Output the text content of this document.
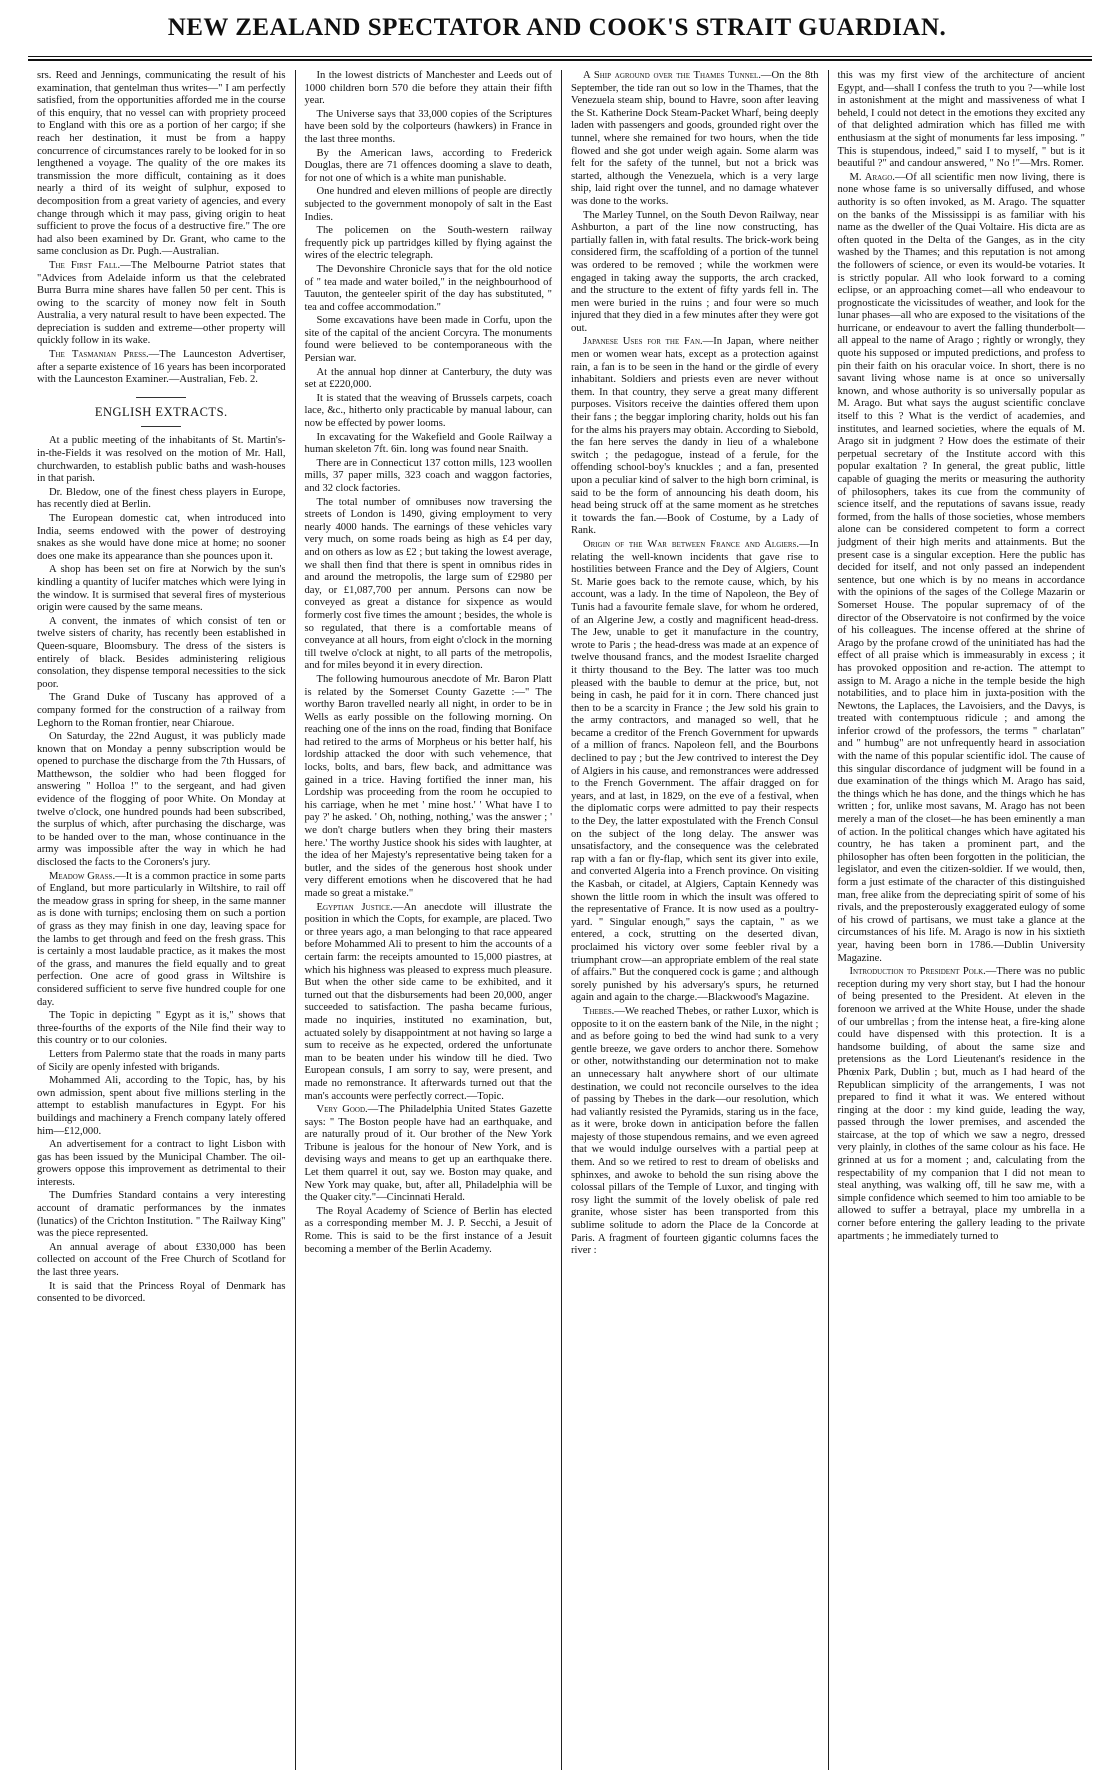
NEW ZEALAND SPECTATOR AND COOK'S STRAIT GUARDIAN.

srs. Reed and Jennings, communicating the result of his examination, that gentelman thus writes—" I am perfectly satisfied, from the opportunities afforded me in the course of this enquiry, that no vessel can with propriety proceed to England with this ore as a portion of her cargo; if she reach her destination, it must be from a happy concurrence of circumstances rarely to be looked for in so lengthened a voyage. The quality of the ore makes its transmission the more difficult, containing as it does nearly a third of its weight of sulphur, exposed to decomposition from a great variety of agencies, and every change through which it may pass, giving origin to heat sufficient to prove the focus of a destructive fire." The ore had also been examined by Dr. Grant, who came to the same conclusion as Dr. Pugh.—Australian.

The First Fall.—The Melbourne Patriot states that "Advices from Adelaide inform us that the celebrated Burra Burra mine shares have fallen 50 per cent. This is owing to the scarcity of money now felt in South Australia, a very natural result to have been expected. The depreciation is sudden and extreme—other property will quickly follow in its wake.

The Tasmanian Press.—The Launceston Advertiser, after a separte existence of 16 years has been incorporated with the Launceston Examiner.—Australian, Feb. 2.

ENGLISH EXTRACTS.

At a public meeting of the inhabitants of St. Martin's-in-the-Fields it was resolved on the motion of Mr. Hall, churchwarden, to establish public baths and wash-houses in that parish.

Dr. Bledow, one of the finest chess players in Europe, has recently died at Berlin.

The European domestic cat, when introduced into India, seems endowed with the power of destroying snakes as she would have done mice at home; no sooner does one make its appearance than she pounces upon it.

A shop has been set on fire at Norwich by the sun's kindling a quantity of lucifer matches which were lying in the window. It is surmised that several fires of mysterious origin were caused by the same means.

A convent, the inmates of which consist of ten or twelve sisters of charity, has recently been established in Queen-square, Bloomsbury. The dress of the sisters is entirely of black. Besides administering religious consolation, they dispense temporal necessities to the sick poor.

The Grand Duke of Tuscany has approved of a company formed for the construction of a railway from Leghorn to the Roman frontier, near Chiaroue.

On Saturday, the 22nd August, it was publicly made known that on Monday a penny subscription would be opened to purchase the discharge from the 7th Hussars, of Matthewson, the soldier who had been flogged for answering " Holloa !" to the sergeant, and had given evidence of the flogging of poor White. On Monday at twelve o'clock, one hundred pounds had been subscribed, the surplus of which, after purchasing the discharge, was to be handed over to the man, whose continuance in the army was impossible after the way in which he had disclosed the facts to the Coroners's jury.

Meadow Grass.—It is a common practice in some parts of England, but more particularly in Wiltshire, to rail off the meadow grass in spring for sheep, in the same manner as is done with turnips; enclosing them on such a portion of grass as they may finish in one day, leaving space for the lambs to get through and feed on the fresh grass. This is certainly a most laudable practice, as it makes the most of the grass, and manures the field equally and to great perfection. One acre of good grass in Wiltshire is considered sufficient to serve five hundred couple for one day.

The Topic in depicting " Egypt as it is," shows that three-fourths of the exports of the Nile find their way to this country or to our colonies.

Letters from Palermo state that the roads in many parts of Sicily are openly infested with brigands.

Mohammed Ali, according to the Topic, has, by his own admission, spent about five millions sterling in the attempt to establish manufactures in Egypt. For his buildings and machinery a French company lately offered him—£12,000.

An advertisement for a contract to light Lisbon with gas has been issued by the Municipal Chamber. The oil-growers oppose this improvement as detrimental to their interests.

The Dumfries Standard contains a very interesting account of dramatic performances by the inmates (lunatics) of the Crichton Institution. " The Railway King" was the piece represented.

An annual average of about £330,000 has been collected on account of the Free Church of Scotland for the last three years.

It is said that the Princess Royal of Denmark has consented to be divorced.

In the lowest districts of Manchester and Leeds out of 1000 children born 570 die before they attain their fifth year.

The Universe says that 33,000 copies of the Scriptures have been sold by the colporteurs (hawkers) in France in the last three months.

By the American laws, according to Frederick Douglas, there are 71 offences dooming a slave to death, for not one of which is a white man punishable.

One hundred and eleven millions of people are directly subjected to the government monopoly of salt in the East Indies.

The policemen on the South-western railway frequently pick up partridges killed by flying against the wires of the electric telegraph.

The Devonshire Chronicle says that for the old notice of " tea made and water boiled," in the neighbourhood of Tauuton, the genteeler spirit of the day has substituted, " tea and coffee accommodation."

Some excavations have been made in Corfu, upon the site of the capital of the ancient Corcyra. The monuments found were believed to be contemporaneous with the Persian war.

At the annual hop dinner at Canterbury, the duty was set at £220,000.

It is stated that the weaving of Brussels carpets, coach lace, &c., hitherto only practicable by manual labour, can now be effected by power looms.

In excavating for the Wakefield and Goole Railway a human skeleton 7ft. 6in. long was found near Snaith.

There are in Connecticut 137 cotton mills, 123 woollen mills, 37 paper mills, 323 coach and waggon factories, and 32 clock factories.

The total number of omnibuses now traversing the streets of London is 1490, giving employment to very nearly 4000 hands. The earnings of these vehicles vary very much, on some roads being as high as £4 per day, and on others as low as £2 ; but taking the lowest average, we shall then find that there is spent in omnibus rides in and around the metropolis, the large sum of £2980 per day, or £1,087,700 per annum. Persons can now be conveyed as great a distance for sixpence as would formerly cost five times the amount ; besides, the whole is so regulated, that there is a comfortable means of conveyance at all hours, from eight o'clock in the morning till twelve o'clock at night, to all parts of the metropolis, and for miles beyond it in every direction.

The following humourous anecdote of Mr. Baron Platt is related by the Somerset County Gazette :—" The worthy Baron travelled nearly all night, in order to be in Wells as early possible on the following morning. On reaching one of the inns on the road, finding that Boniface had retired to the arms of Morpheus or his better half, his lordship attacked the door with such vehemence, that locks, bolts, and bars, flew back, and admittance was gained in a trice. Having fortified the inner man, his Lordship was proceeding from the room he occupied to his carriage, when he met ' mine host.' ' What have I to pay ?' he asked. ' Oh, nothing, nothing,' was the answer ; ' we don't charge butlers when they bring their masters here.' The worthy Justice shook his sides with laughter, at the idea of her Majesty's representative being taken for a butler, and the sides of the generous host shook under very different emotions when he discovered that he had made so great a mistake."

Egyptian Justice.—An anecdote will illustrate the position in which the Copts, for example, are placed. Two or three years ago, a man belonging to that race appeared before Mohammed Ali to present to him the accounts of a certain farm: the receipts amounted to 15,000 piastres, at which his highness was pleased to express much pleasure. But when the other side came to be exhibited, and it turned out that the disbursements had been 20,000, anger succeeded to satisfaction. The pasha became furious, made no inquiries, instituted no examination, but, actuated solely by disappointment at not having so large a sum to receive as he expected, ordered the unfortunate man to be beaten under his window till he died. Two European consuls, I am sorry to say, were present, and made no remonstrance. It afterwards turned out that the man's accounts were perfectly correct.—Topic.

Very Good.—The Philadelphia United States Gazette says: " The Boston people have had an earthquake, and are naturally proud of it. Our brother of the New York Tribune is jealous for the honour of New York, and is devising ways and means to get up an earthquake there. Let them quarrel it out, say we. Boston may quake, and New York may quake, but, after all, Philadelphia will be the Quaker city."—Cincinnati Herald.

The Royal Academy of Science of Berlin has elected as a corresponding member M. J. P. Secchi, a Jesuit of Rome. This is said to be the first instance of a Jesuit becoming a member of the Berlin Academy.

A Ship aground over the Thames Tunnel.—On the 8th September, the tide ran out so low in the Thames, that the Venezuela steam ship, bound to Havre, soon after leaving the St. Katherine Dock Steam-Packet Wharf, being deeply laden with passengers and goods, grounded right over the tunnel, where she remained for two hours, when the tide flowed and she got under weigh again. Some alarm was felt for the safety of the tunnel, but not a brick was started, although the Venezuela, which is a very large ship, laid right over the tunnel, and no damage whatever was done to the works.

The Marley Tunnel, on the South Devon Railway, near Ashburton, a part of the line now constructing, has partially fallen in, with fatal results. The brick-work being considered firm, the scaffolding of a portion of the tunnel was ordered to be removed ; while the workmen were engaged in taking away the supports, the arch cracked, and the structure to the extent of fifty yards fell in. The men were buried in the ruins ; and four were so much injured that they died in a few minutes after they were got out.

Japanese Uses for the Fan.—In Japan, where neither men or women wear hats, except as a protection against rain, a fan is to be seen in the hand or the girdle of every inhabitant. Soldiers and priests even are never without them. In that country, they serve a great many different purposes. Visitors receive the dainties offered them upon their fans ; the beggar imploring charity, holds out his fan for the alms his prayers may obtain. According to Siebold, the fan here serves the dandy in lieu of a whalebone switch ; the pedagogue, instead of a ferule, for the offending school-boy's knuckles ; and a fan, presented upon a peculiar kind of salver to the high born criminal, is said to be the form of announcing his death doom, his head being struck off at the same moment as he stretches it towards the fan.—Book of Costume, by a Lady of Rank.

Origin of the War between France and Algiers.—In relating the well-known incidents that gave rise to hostilities between France and the Dey of Algiers, Count St. Marie goes back to the remote cause, which, by his account, was a lady. In the time of Napoleon, the Bey of Tunis had a favourite female slave, for whom he ordered, of an Algerine Jew, a costly and magnificent head-dress. The Jew, unable to get it manufacture in the country, wrote to Paris ; the head-dress was made at an expence of twelve thousand francs, and the modest Israelite charged it thirty thousand to the Bey. The latter was too much pleased with the bauble to demur at the price, but, not being in cash, he paid for it in corn. There chanced just then to be a scarcity in France ; the Jew sold his grain to the army contractors, and managed so well, that he became a creditor of the French Government for upwards of a million of francs. Napoleon fell, and the Bourbons declined to pay ; but the Jew contrived to interest the Dey of Algiers in his cause, and remonstrances were addressed to the French Government. The affair dragged on for years, and at last, in 1829, on the eve of a festival, when the diplomatic corps were admitted to pay their respects to the Dey, the latter expostulated with the French Consul on the subject of the long delay. The answer was unsatisfactory, and the consequence was the celebrated rap with a fan or fly-flap, which sent its giver into exile, and converted Algeria into a French province. On visiting the Kasbah, or citadel, at Algiers, Captain Kennedy was shown the little room in which the insult was offered to the representative of France. It is now used as a poultry-yard. " Singular enough," says the captain, " as we entered, a cock, strutting on the deserted divan, proclaimed his victory over some feebler rival by a triumphant crow—an appropriate emblem of the real state of affairs." But the conquered cock is game ; and although sorely punished by his adversary's spurs, he returned again and again to the charge.—Blackwood's Magazine.

Thebes.—We reached Thebes, or rather Luxor, which is opposite to it on the eastern bank of the Nile, in the night ; and as before going to bed the wind had sunk to a very gentle breeze, we gave orders to anchor there. Somehow or other, notwithstanding our determination not to make an unnecessary halt anywhere short of our ultimate destination, we could not reconcile ourselves to the idea of passing by Thebes in the dark—our resolution, which had valiantly resisted the Pyramids, staring us in the face, as it were, broke down in anticipation before the fallen majesty of those stupendous remains, and we even agreed that we would indulge ourselves with a partial peep at them. And so we retired to rest to dream of obelisks and sphinxes, and awoke to behold the sun rising above the colossal pillars of the Temple of Luxor, and tinging with rosy light the summit of the lovely obelisk of pale red granite, whose sister has been transported from this sublime solitude to adorn the Place de la Concorde at Paris. A fragment of fourteen gigantic columns faces the river :

this was my first view of the architecture of ancient Egypt, and—shall I confess the truth to you ?—while lost in astonishment at the might and massiveness of what I beheld, I could not detect in the emotions they excited any of that delighted admiration which has filled me with enthusiasm at the sight of monuments far less imposing. " This is stupendous, indeed," said I to myself, " but is it beautiful ?" and candour answered, " No !"—Mrs. Romer.

M. Arago.—Of all scientific men now living, there is none whose fame is so universally diffused, and whose authority is so often invoked, as M. Arago. The squatter on the banks of the Mississippi is as familiar with his name as the dweller of the Quai Voltaire. His dicta are as often quoted in the Delta of the Ganges, as in the city washed by the Thames; and this reputation is not among the followers of science, or even its would-be votaries. It is strictly popular. All who look forward to a coming eclipse, or an approaching comet—all who endeavour to prognosticate the vicissitudes of weather, and look for the lunar phases—all who are exposed to the visitations of the hurricane, or endeavour to avert the falling thunderbolt—all appeal to the name of Arago ; rightly or wrongly, they quote his supposed or imputed predictions, and profess to pin their faith on his oracular voice. In short, there is no savant living whose name is at once so universally known, and whose authority is so universally popular as M. Arago. But what says the august scientific conclave itself to this ? What is the verdict of academies, and institutes, and learned societies, where the equals of M. Arago sit in judgment ? How does the estimate of their perpetual secretary of the Institute accord with this popular exaltation ? In general, the great public, little capable of guaging the merits or measuring the authority of philosophers, takes its cue from the community of science itself, and the reputations of savans issue, ready formed, from the halls of those societies, whose members alone can be considered competent to form a correct judgment of their high merits and attainments. But the present case is a singular exception. Here the public has decided for itself, and not only passed an independent sentence, but one which is by no means in accordance with the opinions of the sages of the College Mazarin or Somerset House. The popular supremacy of of the director of the Observatoire is not confirmed by the voice of his colleagues. The incense offered at the shrine of Arago by the profane crowd of the uninitiated has had the effect of all praise which is immeasurably in excess ; it has provoked opposition and re-action. The attempt to assign to M. Arago a niche in the temple beside the high notabilities, and to place him in juxta-position with the Newtons, the Laplaces, the Lavoisiers, and the Davys, is treated with contemptuous ridicule ; and among the inferior crowd of the professors, the terms " charlatan" and " humbug" are not unfrequently heard in association with the name of this popular scientific idol. The cause of this singular discordance of judgment will be found in a due examination of the things which M. Arago has said, the things which he has done, and the things which he has written ; for, unlike most savans, M. Arago has not been merely a man of the closet—he has been eminently a man of action. In the political changes which have agitated his country, he has taken a prominent part, and the philosopher has often been forgotten in the politician, the legislator, and even the citizen-soldier. If we would, then, form a just estimate of the character of this distinguished man, free alike from the depreciating spirit of some of his rivals, and the preposterously exaggerated eulogy of some of his crowd of partisans, we must take a glance at the circumstances of his life. M. Arago is now in his sixtieth year, having been born in 1786.—Dublin University Magazine.

Introduction to President Polk.—There was no public reception during my very short stay, but I had the honour of being presented to the President. At eleven in the forenoon we arrived at the White House, under the shade of our umbrellas ; from the intense heat, a fire-king alone could have dispensed with this protection. It is a handsome building, of about the same size and pretensions as the Lord Lieutenant's residence in the Phœnix Park, Dublin ; but, much as I had heard of the Republican simplicity of the arrangements, I was not prepared to find it what it was. We entered without ringing at the door : my kind guide, leading the way, passed through the lower premises, and ascended the staircase, at the top of which we saw a negro, dressed very plainly, in clothes of the same colour as his face. He grinned at us for a moment ; and, calculating from the respectability of my companion that I did not mean to steal anything, was walking off, till he saw me, with a simple confidence which seemed to him too amiable to be allowed to suffer a betrayal, place my umbrella in a corner before entering the gallery leading to the private apartments ; he immediately turned to
